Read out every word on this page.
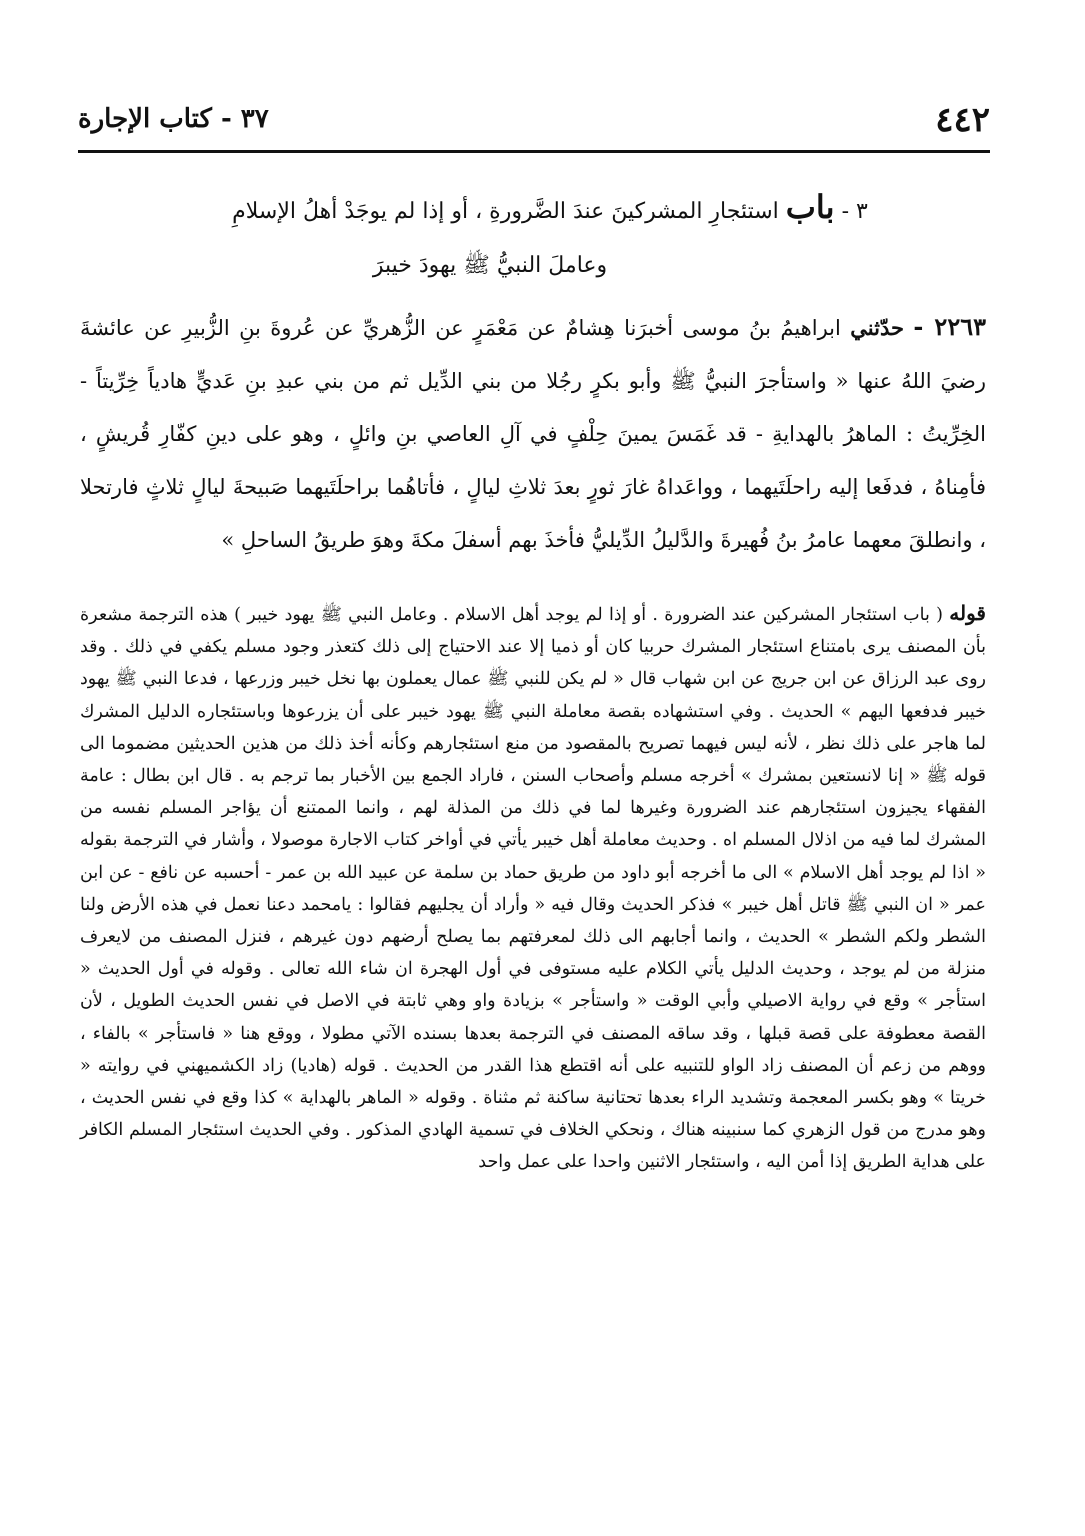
٤٤٢
٣٧ - كتاب الإجارة
٣ - باب استئجارِ المشركينَ عندَ الضَّرورةِ ، أو إذا لم يوجَدْ أهلُ الإسلامِ
وعاملَ النبيُّ ﷺ يهودَ خيبرَ
٢٢٦٣ - حدّثني ابراهيمُ بنُ موسى أخبرَنا هِشامٌ عن مَعْمَرٍ عن الزُّهريِّ عن عُروةَ بنِ الزُّبيرِ عن عائشةَ رضيَ اللهُ عنها « واستأجرَ النبيُّ ﷺ وأبو بكرٍ رجُلا من بني الدِّيل ثم من بني عبدِ بنِ عَديٍّ هادياً خِرِّيتاً - الخِرِّيتُ : الماهرُ بالهدايةِ - قد غَمَسَ يمينَ حِلْفٍ في آلِ العاصي بنِ وائلٍ ، وهو على دينِ كفّارِ قُريشٍ ، فأمِناهُ ، فدفَعا إليه راحلَتَيهما ، وواعَداهُ غارَ ثورٍ بعدَ ثلاثِ ليالٍ ، فأتاهُما براحلَتَيهما صَبيحةَ ليالٍ ثلاثٍ فارتحلا ، وانطلقَ معهما عامرُ بنُ فُهيرةَ والدَّليلُ الدِّيليُّ فأخذَ بهم أسفلَ مكةَ وهوَ طريقُ الساحلِ »
قوله ( باب استئجار المشركين عند الضرورة . أو إذا لم يوجد أهل الاسلام . وعامل النبي ﷺ يهود خيبر ) هذه الترجمة مشعرة بأن المصنف يرى بامتناع استئجار المشرك حربيا كان أو ذميا إلا عند الاحتياج إلى ذلك كتعذر وجود مسلم يكفي في ذلك . وقد روى عبد الرزاق عن ابن جريج عن ابن شهاب قال « لم يكن للنبي ﷺ عمال يعملون بها نخل خيبر وزرعها ، فدعا النبي ﷺ يهود خيبر فدفعها اليهم » الحديث . وفي استشهاده بقصة معاملة النبي ﷺ يهود خيبر على أن يزرعوها وباستئجاره الدليل المشرك لما هاجر على ذلك نظر ، لأنه ليس فيهما تصريح بالمقصود من منع استئجارهم وكأنه أخذ ذلك من هذين الحديثين مضموما الى قوله ﷺ « إنا لانستعين بمشرك » أخرجه مسلم وأصحاب السنن ، فاراد الجمع بين الأخبار بما ترجم به . قال ابن بطال : عامة الفقهاء يجيزون استئجارهم عند الضرورة وغيرها لما في ذلك من المذلة لهم ، وانما الممتنع أن يؤاجر المسلم نفسه من المشرك لما فيه من اذلال المسلم اه . وحديث معاملة أهل خيبر يأتي في أواخر كتاب الاجارة موصولا ، وأشار في الترجمة بقوله « اذا لم يوجد أهل الاسلام » الى ما أخرجه أبو داود من طريق حماد بن سلمة عن عبيد الله بن عمر - أحسبه عن نافع - عن ابن عمر « ان النبي ﷺ قاتل أهل خيبر » فذكر الحديث وقال فيه « وأراد أن يجليهم فقالوا : يامحمد دعنا نعمل في هذه الأرض ولنا الشطر ولكم الشطر » الحديث ، وانما أجابهم الى ذلك لمعرفتهم بما يصلح أرضهم دون غيرهم ، فنزل المصنف من لايعرف منزلة من لم يوجد ، وحديث الدليل يأتي الكلام عليه مستوفى في أول الهجرة ان شاء الله تعالى . وقوله في أول الحديث « استأجر » وقع في رواية الاصيلي وأبي الوقت « واستأجر » بزيادة واو وهي ثابتة في الاصل في نفس الحديث الطويل ، لأن القصة معطوفة على قصة قبلها ، وقد ساقه المصنف في الترجمة بعدها بسنده الآتي مطولا ، ووقع هنا « فاستأجر » بالفاء ، ووهم من زعم أن المصنف زاد الواو للتنبيه على أنه اقتطع هذا القدر من الحديث . قوله (هاديا) زاد الكشميهني في روايته « خريتا » وهو بكسر المعجمة وتشديد الراء بعدها تحتانية ساكنة ثم مثناة . وقوله « الماهر بالهداية » كذا وقع في نفس الحديث ، وهو مدرج من قول الزهري كما سنبينه هناك ، ونحكي الخلاف في تسمية الهادي المذكور . وفي الحديث استئجار المسلم الكافر على هداية الطريق إذا أمن اليه ، واستئجار الاثنين واحدا على عمل واحد
